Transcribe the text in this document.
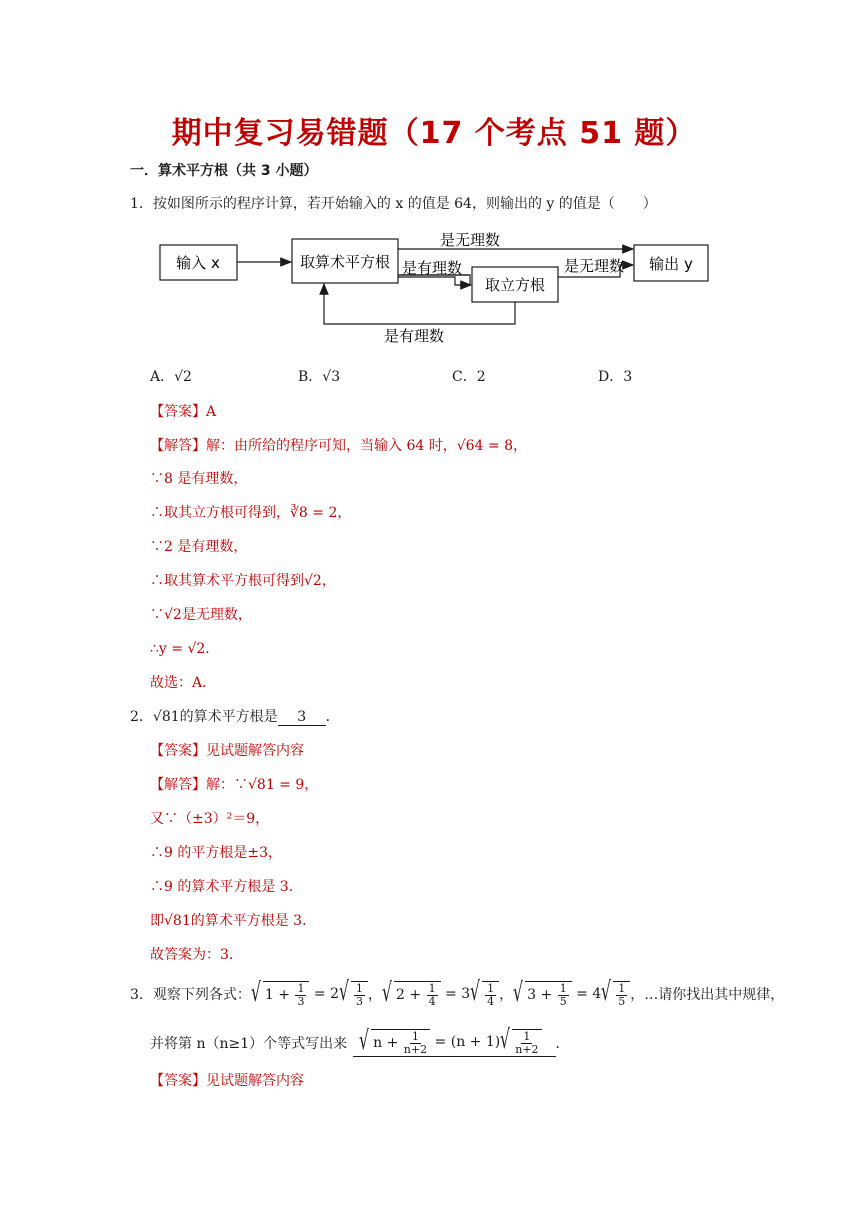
期中复习易错题（17 个考点 51 题）
一．算术平方根（共 3 小题）
1．按如图所示的程序计算，若开始输入的 x 的值是 64，则输出的 y 的值是（　　）
输入 x	取算术平方根
是无理数
是有理数
取立方根
是无理数 输出 y
是有理数
A．√2	B．√3	C．2	D．3
【答案】A
【解答】解：由所给的程序可知，当输入 64 时，√64 = 8，
∵8 是有理数，
∴取其立方根可得到，∛8 = 2，
∵2 是有理数，
∴取其算术平方根可得到√2，
∵√2是无理数，
∴y = √2．
故选：A．
2．√81的算术平方根是 3 ．
【答案】见试题解答内容
【解答】解：∵√81 = 9，
又∵（±3）²＝9，
∴9 的平方根是±3，
∴9 的算术平方根是 3．
即√81的算术平方根是 3．
故答案为：3．
3．观察下列各式： √ $1 + \frac{1}{3} = 2$ √ $\frac{1}{3}$ ， √ $2 + \frac{1}{4} = 3$ √ $\frac{1}{4}$ ， √ $3 + \frac{1}{5} = 4$ √ $\frac{1}{5}$ ，…请你找出其中规律，
并将第 n（n≥1）个等式写出来 √ $n + \frac{1}{n+2} = (n + 1)$ √ $\frac{1}{n+2}$ ．
【答案】见试题解答内容
